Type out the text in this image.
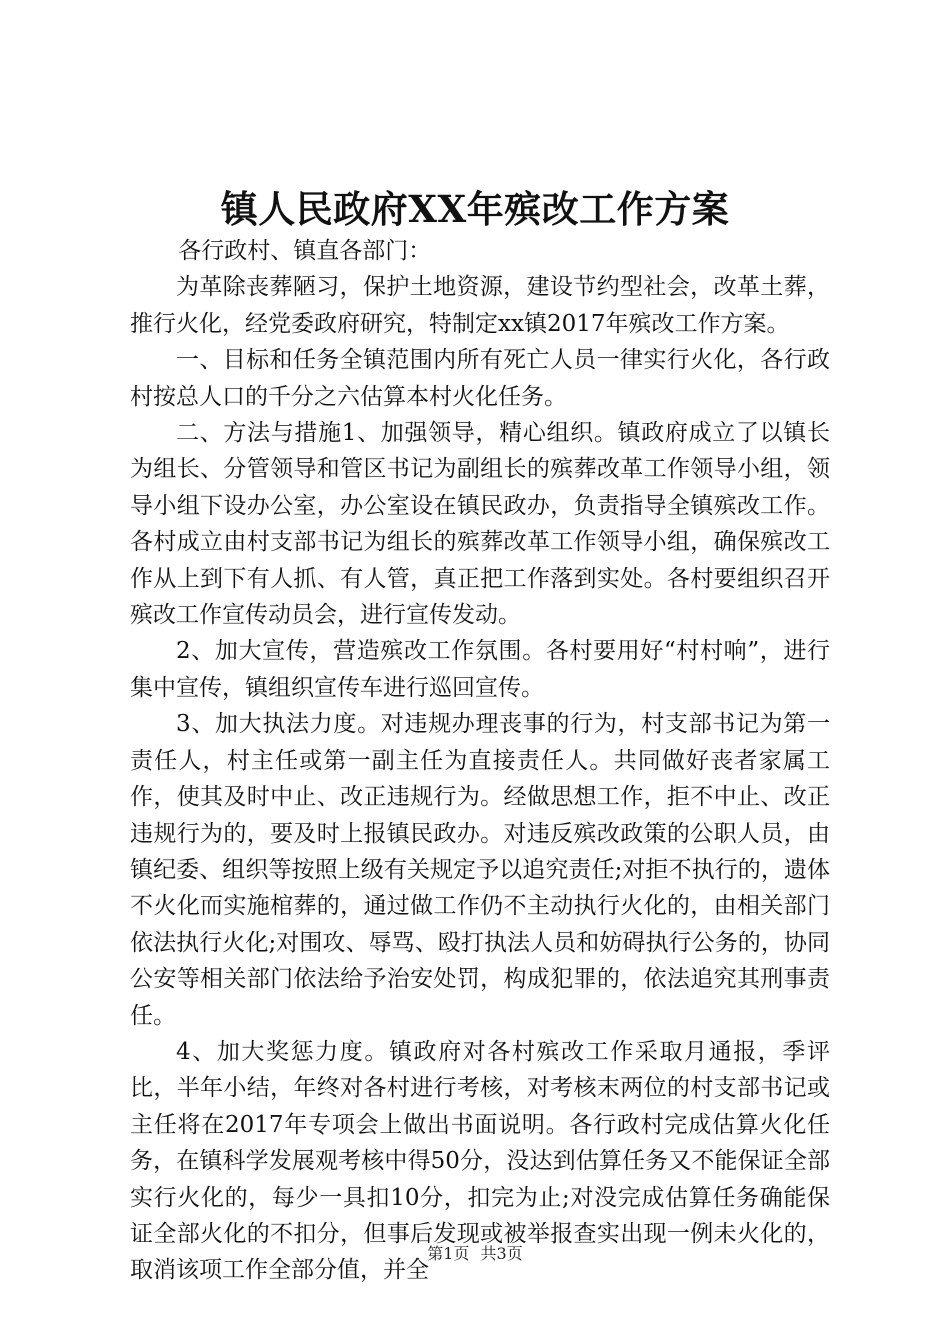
镇人民政府XX年殡改工作方案

各行政村、镇直各部门：

为革除丧葬陋习，保护土地资源，建设节约型社会，改革土葬，推行火化，经党委政府研究，特制定xx镇2017年殡改工作方案。

一、目标和任务全镇范围内所有死亡人员一律实行火化，各行政村按总人口的千分之六估算本村火化任务。

二、方法与措施1、加强领导，精心组织。镇政府成立了以镇长为组长、分管领导和管区书记为副组长的殡葬改革工作领导小组，领导小组下设办公室，办公室设在镇民政办，负责指导全镇殡改工作。各村成立由村支部书记为组长的殡葬改革工作领导小组，确保殡改工作从上到下有人抓、有人管，真正把工作落到实处。各村要组织召开殡改工作宣传动员会，进行宣传发动。

2、加大宣传，营造殡改工作氛围。各村要用好“村村响”，进行集中宣传，镇组织宣传车进行巡回宣传。

3、加大执法力度。对违规办理丧事的行为，村支部书记为第一责任人，村主任或第一副主任为直接责任人。共同做好丧者家属工作，使其及时中止、改正违规行为。经做思想工作，拒不中止、改正违规行为的，要及时上报镇民政办。对违反殡改政策的公职人员，由镇纪委、组织等按照上级有关规定予以追究责任;对拒不执行的，遗体不火化而实施棺葬的，通过做工作仍不主动执行火化的，由相关部门依法执行火化;对围攻、辱骂、殴打执法人员和妨碍执行公务的，协同公安等相关部门依法给予治安处罚，构成犯罪的，依法追究其刑事责任。

4、加大奖惩力度。镇政府对各村殡改工作采取月通报，季评比，半年小结，年终对各村进行考核，对考核末两位的村支部书记或主任将在2017年专项会上做出书面说明。各行政村完成估算火化任务，在镇科学发展观考核中得50分，没达到估算任务又不能保证全部实行火化的，每少一具扣10分，扣完为止;对没完成估算任务确能保证全部火化的不扣分，但事后发现或被举报查实出现一例未火化的，取消该项工作全部分值，并全

第1页 共3页
